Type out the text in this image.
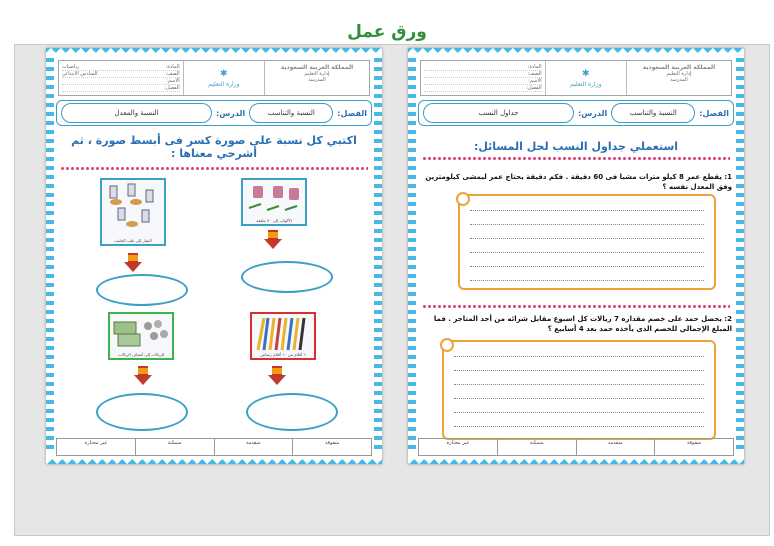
ورق عمل
المملكة العربية السعودية
إدارة التعليم
المدرسة
✱
وزارة التعليم
المادة:
رياضيات
الصف:
السادس الابتدائي
الاسم:
الفصل:
الفصل:
النسبة والتناسب
الدرس:
النسبة والمعدل
اكتبي كل نسبة على صورة كسر فى أبسط صورة ، ثم أشرحي معناها :
الأكواب إلى ٧٠ ملعقة
التمار إلى علب الحليب
٦ أقلام من ١٠ أقلام رصاص
الريالات إلى أنصاف الريالات
متفوقة
متقدمة
متمكنة
غير مجتازة
المملكة العربية السعودية
إدارة التعليم
المدرسة
✱
وزارة التعليم
المادة:
الصف:
الاسم:
الفصل:
الفصل:
النسبة والتناسب
الدرس:
جداول النسب
استعملي جداول النسب لحل المسائل:
1: يقطع عمر 8 كيلو مترات مشيا فى 60 دقيقة . فكم دقيقة يحتاج عمر ليمشى كيلومترين وفق المعدل نفسه ؟
2: يحصل حمد على خصم مقداره 7 ريالات كل اسبوع مقابل شرائه من أحد المتاجر . فما المبلغ الإجمالي للخصم الذى يأخذه حمد بعد 4 أسابيع ؟
متفوقة
متقدمة
متمكنة
غير مجتازة
